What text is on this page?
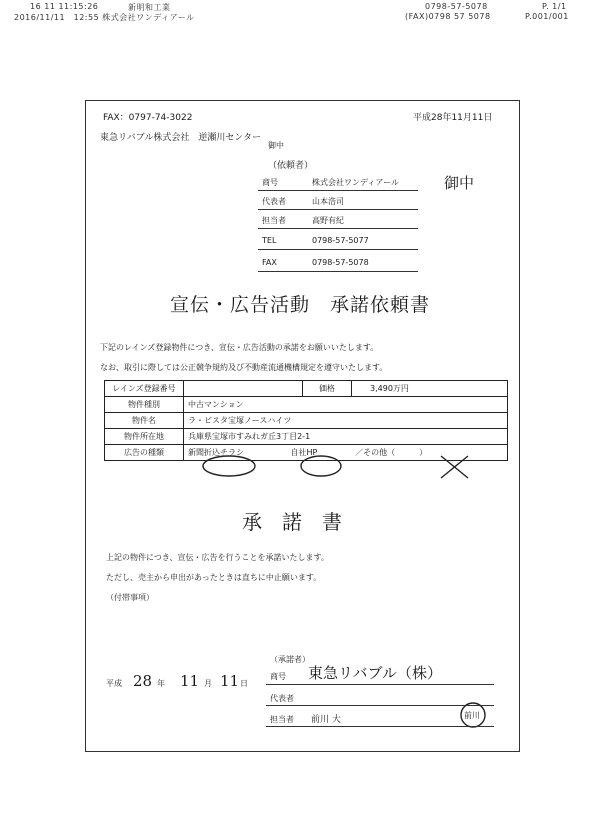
16 11 11:15:26	新明和工業
2016/11/11　12:55 株式会社ワンディアール
0798-57-5078
(FAX)0798 57 5078
P. 1/1
P.001/001
FAX：0797-74-3022	平成28年11月11日
東急リバブル株式会社　逆瀬川センター
御中
（依頼者）
商号	株式会社ワンディアール
代表者	山本浩司
担当者	高野有紀
TEL	0798-57-5077
FAX	0798-57-5078
御中
宣伝・広告活動　承諾依頼書
下記のレインズ登録物件につき、宣伝・広告活動の承諾をお願いいたします。
なお、取引に際しては公正競争規約及び不動産流通機構規定を遵守いたします。
レインズ登録番号		価格	3,490万円
物件種別	中古マンション		
物件名	ラ・ビスタ宝塚ノースハイツ		
物件所在地	兵庫県宝塚市すみれガ丘3丁目2-1		
広告の種類	新聞折込チラシ 自社HP ／その他（　　　）		
承　諾　書
上記の物件につき、宣伝・広告を行うことを承諾いたします。
ただし、売主から申出があったときは直ちに中止願います。
（付帯事項）
平成 28 年 11 月 11 日
（承諾者）
商号 東急リバブル（株）
代表者
担当者 前川 大	前川
